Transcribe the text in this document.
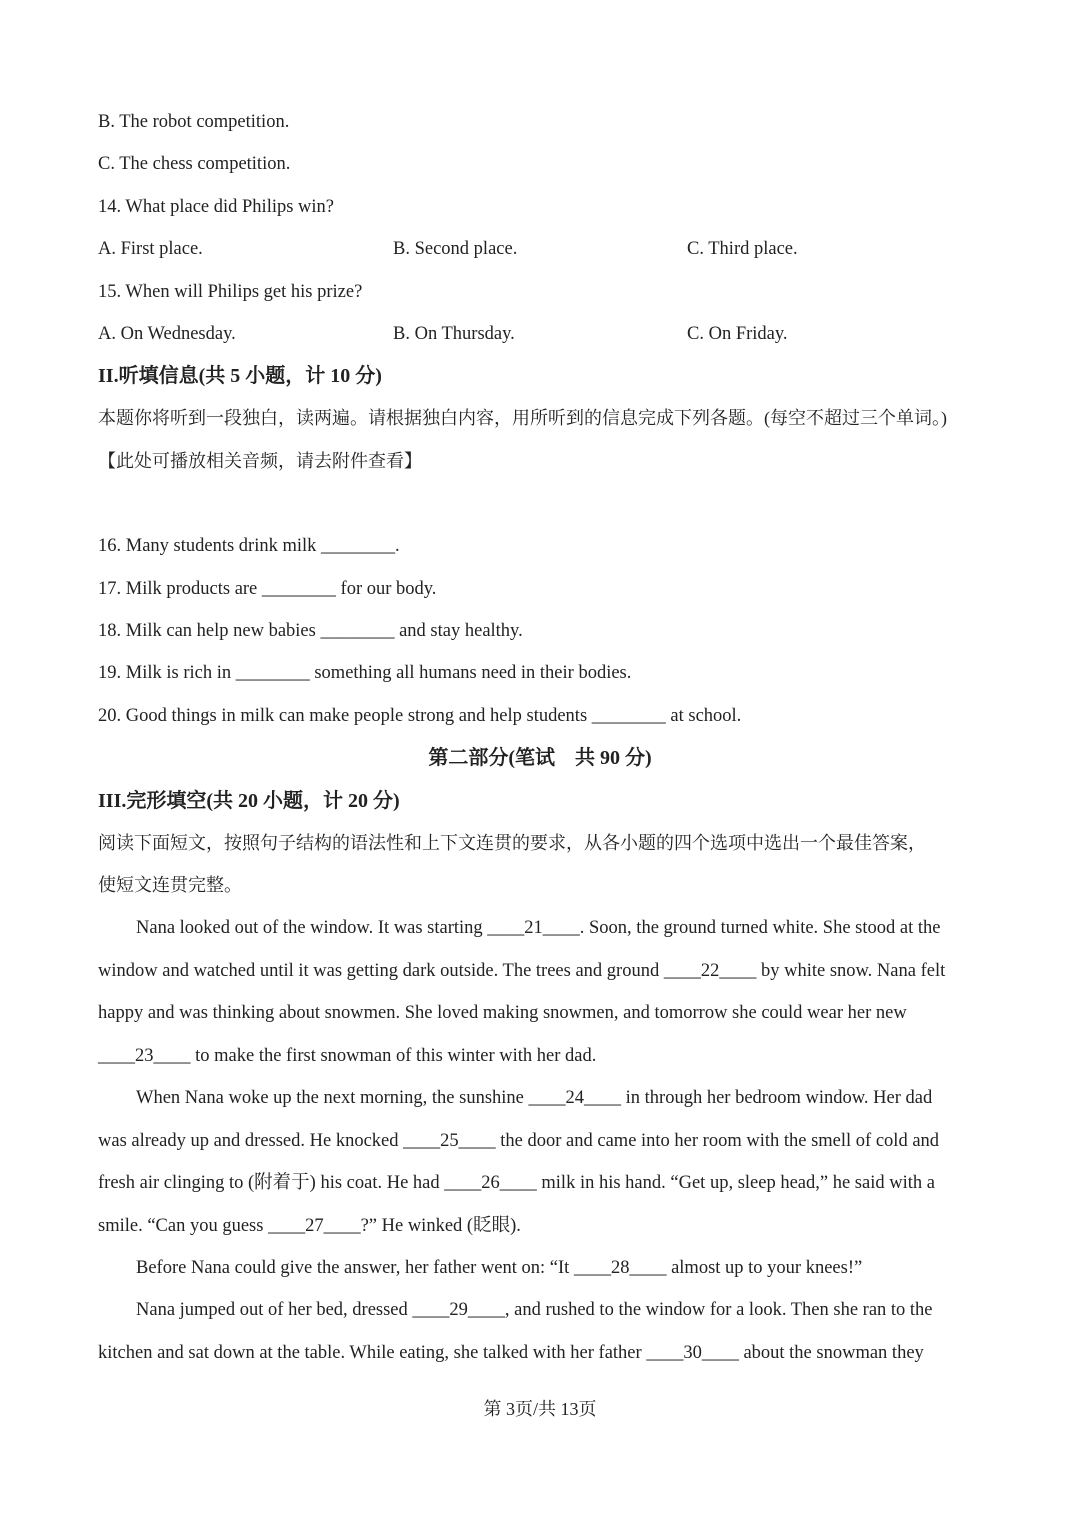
B. The robot competition.
C. The chess competition.
14. What place did Philips win?
A. First place.	B. Second place.	C. Third place.
15. When will Philips get his prize?
A. On Wednesday.	B. On Thursday.	C. On Friday.
II.听填信息(共 5 小题，计 10 分)
本题你将听到一段独白，读两遍。请根据独白内容，用所听到的信息完成下列各题。(每空不超过三个单词。)
【此处可播放相关音频，请去附件查看】
16. Many students drink milk ________.
17. Milk products are ________ for our body.
18. Milk can help new babies ________ and stay healthy.
19. Milk is rich in ________ something all humans need in their bodies.
20. Good things in milk can make people strong and help students ________ at school.
第二部分(笔试　共 90 分)
III.完形填空(共 20 小题，计 20 分)
阅读下面短文，按照句子结构的语法性和上下文连贯的要求，从各小题的四个选项中选出一个最佳答案，
使短文连贯完整。
Nana looked out of the window. It was starting ____21____. Soon, the ground turned white. She stood at the
window and watched until it was getting dark outside. The trees and ground ____22____ by white snow. Nana felt
happy and was thinking about snowmen. She loved making snowmen, and tomorrow she could wear her new
____23____ to make the first snowman of this winter with her dad.
When Nana woke up the next morning, the sunshine ____24____ in through her bedroom window. Her dad
was already up and dressed. He knocked ____25____ the door and came into her room with the smell of cold and
fresh air clinging to (附着于) his coat. He had ____26____ milk in his hand. “Get up, sleep head,” he said with a
smile. “Can you guess ____27____?” He winked (眨眼).
Before Nana could give the answer, her father went on: “It ____28____ almost up to your knees!”
Nana jumped out of her bed, dressed ____29____, and rushed to the window for a look. Then she ran to the
kitchen and sat down at the table. While eating, she talked with her father ____30____ about the snowman they
第 3页/共 13页
